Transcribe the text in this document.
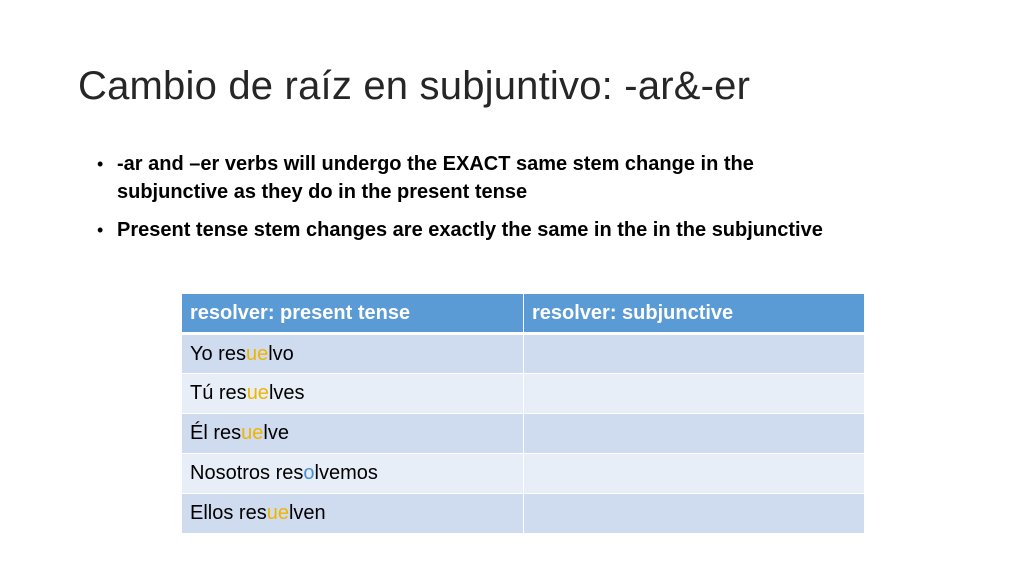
Cambio de raíz en subjuntivo: -ar&-er
• -ar and –er verbs will undergo the EXACT same stem change in the subjunctive as they do in the present tense
• Present tense stem changes are exactly the same in the in the subjunctive
resolver: present tense	resolver: subjunctive
Yo resuelvo	
Tú resuelves	
Él resuelve	
Nosotros resolvemos	
Ellos resuelven	
